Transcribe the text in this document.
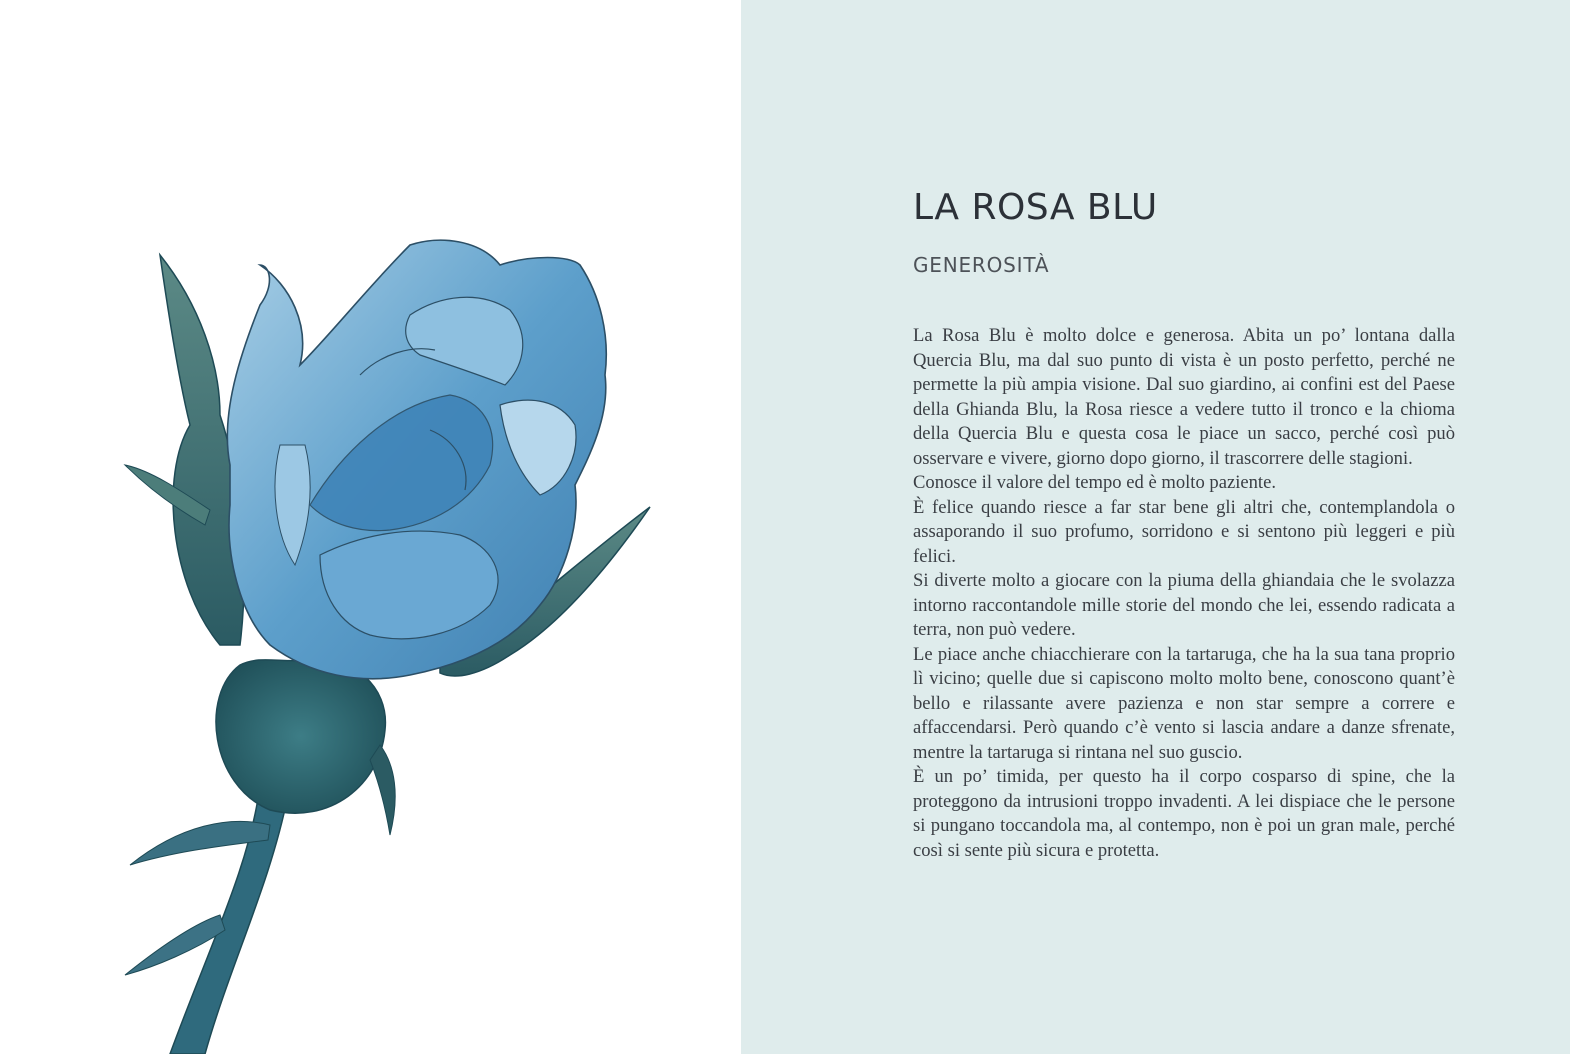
LA ROSA BLU
GENEROSITÀ

La Rosa Blu è molto dolce e generosa. Abita un po’ lontana dalla Quercia Blu, ma dal suo punto di vista è un posto perfetto, perché ne permette la più ampia visione. Dal suo giardino, ai confini est del Paese della Ghianda Blu, la Rosa riesce a vedere tutto il tronco e la chioma della Quercia Blu e questa cosa le piace un sacco, perché così può osservare e vivere, giorno dopo giorno, il trascorrere delle stagioni.

Conosce il valore del tempo ed è molto paziente.

È felice quando riesce a far star bene gli altri che, contemplandola o assaporando il suo profumo, sorridono e si sentono più leggeri e più felici.

Si diverte molto a giocare con la piuma della ghiandaia che le svolazza intorno raccontandole mille storie del mondo che lei, essendo radicata a terra, non può vedere.

Le piace anche chiacchierare con la tartaruga, che ha la sua tana proprio lì vicino; quelle due si capiscono molto molto bene, conoscono quant’è bello e rilassante avere pazienza e non star sempre a correre e affaccendarsi. Però quando c’è vento si lascia andare a danze sfrenate, mentre la tartaruga si rintana nel suo guscio.

È un po’ timida, per questo ha il corpo cosparso di spine, che la proteggono da intrusioni troppo invadenti. A lei dispiace che le persone si pungano toccandola ma, al contempo, non è poi un gran male, perché così si sente più sicura e protetta.
